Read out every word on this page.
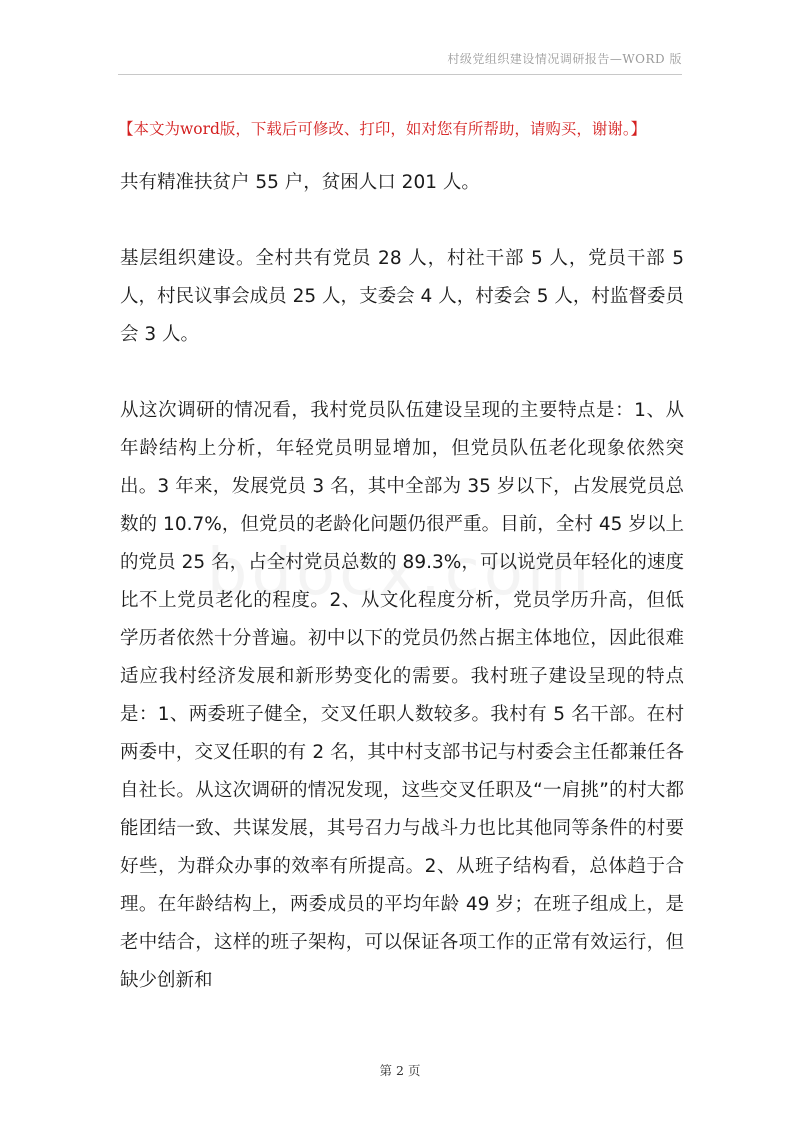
村级党组织建设情况调研报告—WORD 版
【本文为word版，下载后可修改、打印，如对您有所帮助，请购买，谢谢。】

共有精准扶贫户 55 户，贫困人口 201 人。

基层组织建设。全村共有党员 28 人，村社干部 5 人，党员干部 5 人，村民议事会成员 25 人，支委会 4 人，村委会 5 人，村监督委员会 3 人。

从这次调研的情况看，我村党员队伍建设呈现的主要特点是：1、从年龄结构上分析，年轻党员明显增加，但党员队伍老化现象依然突出。3 年来，发展党员 3 名，其中全部为 35 岁以下，占发展党员总数的 10.7%，但党员的老龄化问题仍很严重。目前，全村 45 岁以上的党员 25 名，占全村党员总数的 89.3%，可以说党员年轻化的速度比不上党员老化的程度。2、从文化程度分析，党员学历升高，但低学历者依然十分普遍。初中以下的党员仍然占据主体地位，因此很难适应我村经济发展和新形势变化的需要。我村班子建设呈现的特点是：1、两委班子健全，交叉任职人数较多。我村有 5 名干部。在村两委中，交叉任职的有 2 名，其中村支部书记与村委会主任都兼任各自社长。从这次调研的情况发现，这些交叉任职及“一肩挑”的村大都能团结一致、共谋发展，其号召力与战斗力也比其他同等条件的村要好些，为群众办事的效率有所提高。2、从班子结构看，总体趋于合理。在年龄结构上，两委成员的平均年龄 49 岁；在班子组成上，是老中结合，这样的班子架构，可以保证各项工作的正常有效运行，但缺少创新和

第 2 页
